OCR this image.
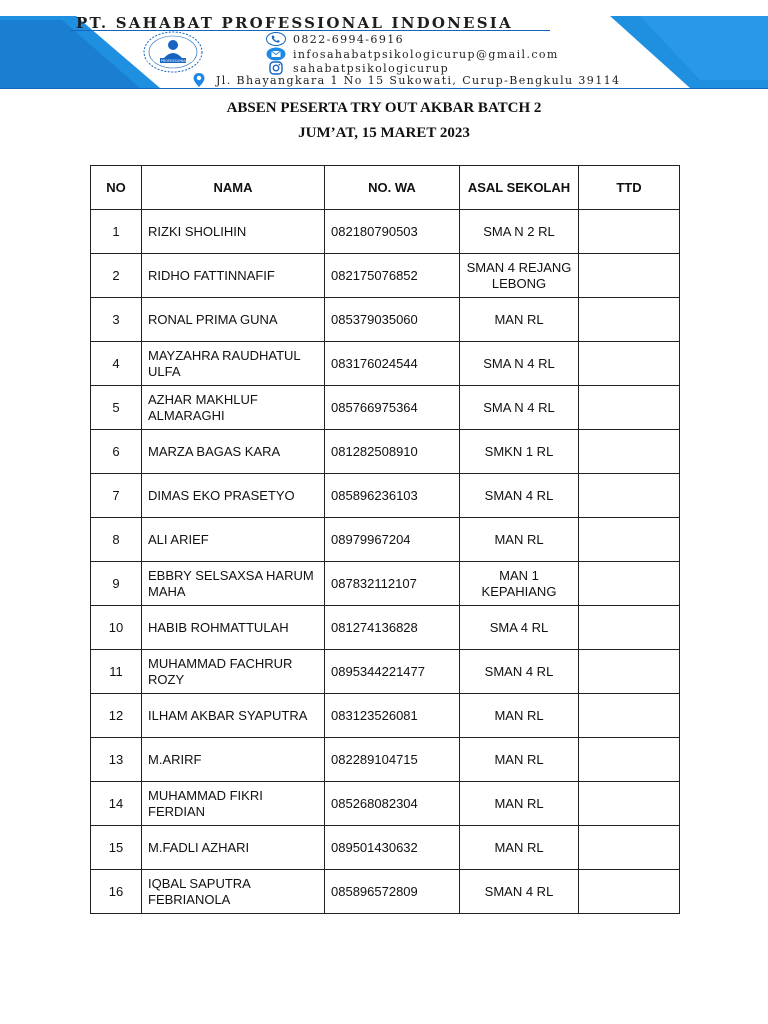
PT. SAHABAT PROFESSIONAL INDONESIA
PT SAHABAT PROFESSIONAL INDONESIA
0822-6994-6916
infosahabatpsikologicurup@gmail.com
sahabatpsikologicurup
Jl. Bhayangkara 1 No 15 Sukowati, Curup-Bengkulu 39114
ABSEN PESERTA TRY OUT AKBAR BATCH 2
JUM’AT, 15 MARET 2023
NO	NAMA	NO. WA	ASAL SEKOLAH	TTD
1	RIZKI SHOLIHIN	082180790503	SMA N 2 RL	
2	RIDHO FATTINNAFIF	082175076852	SMAN 4 REJANG LEBONG	
3	RONAL PRIMA GUNA	085379035060	MAN RL	
4	MAYZAHRA RAUDHATUL ULFA	083176024544	SMA N 4 RL	
5	AZHAR MAKHLUF ALMARAGHI	085766975364	SMA N 4 RL	
6	MARZA BAGAS KARA	081282508910	SMKN 1 RL	
7	DIMAS EKO PRASETYO	085896236103	SMAN 4 RL	
8	ALI ARIEF	08979967204	MAN RL	
9	EBBRY SELSAXSA HARUM MAHA	087832112107	MAN 1 KEPAHIANG	
10	HABIB ROHMATTULAH	081274136828	SMA 4 RL	
11	MUHAMMAD FACHRUR ROZY	0895344221477	SMAN 4 RL	
12	ILHAM AKBAR SYAPUTRA	083123526081	MAN RL	
13	M.ARIRF	082289104715	MAN RL	
14	MUHAMMAD FIKRI FERDIAN	085268082304	MAN RL	
15	M.FADLI AZHARI	089501430632	MAN RL	
16	IQBAL SAPUTRA FEBRIANOLA	085896572809	SMAN 4 RL	
